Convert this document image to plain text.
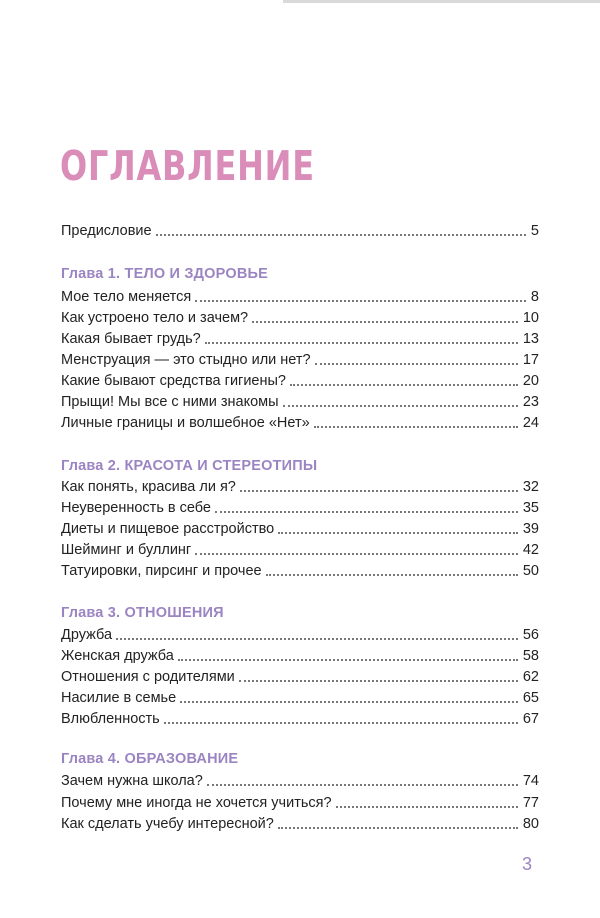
ОГЛАВЛЕНИЕ
Предисловие	5
Глава 1. ТЕЛО И ЗДОРОВЬЕ
Мое тело меняется	8
Как устроено тело и зачем?	10
Какая бывает грудь?	13
Менструация — это стыдно или нет?	17
Какие бывают средства гигиены?	20
Прыщи! Мы все с ними знакомы	23
Личные границы и волшебное «Нет»	24
Глава 2. КРАСОТА И СТЕРЕОТИПЫ
Как понять, красива ли я?	32
Неуверенность в себе	35
Диеты и пищевое расстройство	39
Шейминг и буллинг	42
Татуировки, пирсинг и прочее	50
Глава 3. ОТНОШЕНИЯ
Дружба	56
Женская дружба	58
Отношения с родителями	62
Насилие в семье	65
Влюбленность	67
Глава 4. ОБРАЗОВАНИЕ
Зачем нужна школа?	74
Почему мне иногда не хочется учиться?	77
Как сделать учебу интересной?	80
3
